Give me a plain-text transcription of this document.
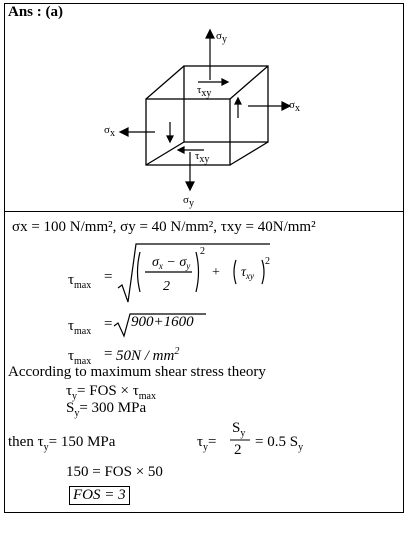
Ans : (a)
σy
σx
σx
σy
τxy
τxy
σx = 100 N/mm², σy = 40 N/mm², τxy = 40N/mm²
$\tau_{max}$
=
$\sigma_x - \sigma_y$
2
2
+ $\tau_{xy}$
2
$\tau_{max} = 900+1600$
$\tau_{max} = 50N / mm^2$
According to maximum shear stress theory
$\tau_y=$ FOS × $\tau_{max}$
$S_y= 300$ MPa
then $\tau_y= 150$ MPa	$\tau_y=$
$S_y$
2 = 0.5 $S_y$
150 = FOS × 50
FOS = 3
